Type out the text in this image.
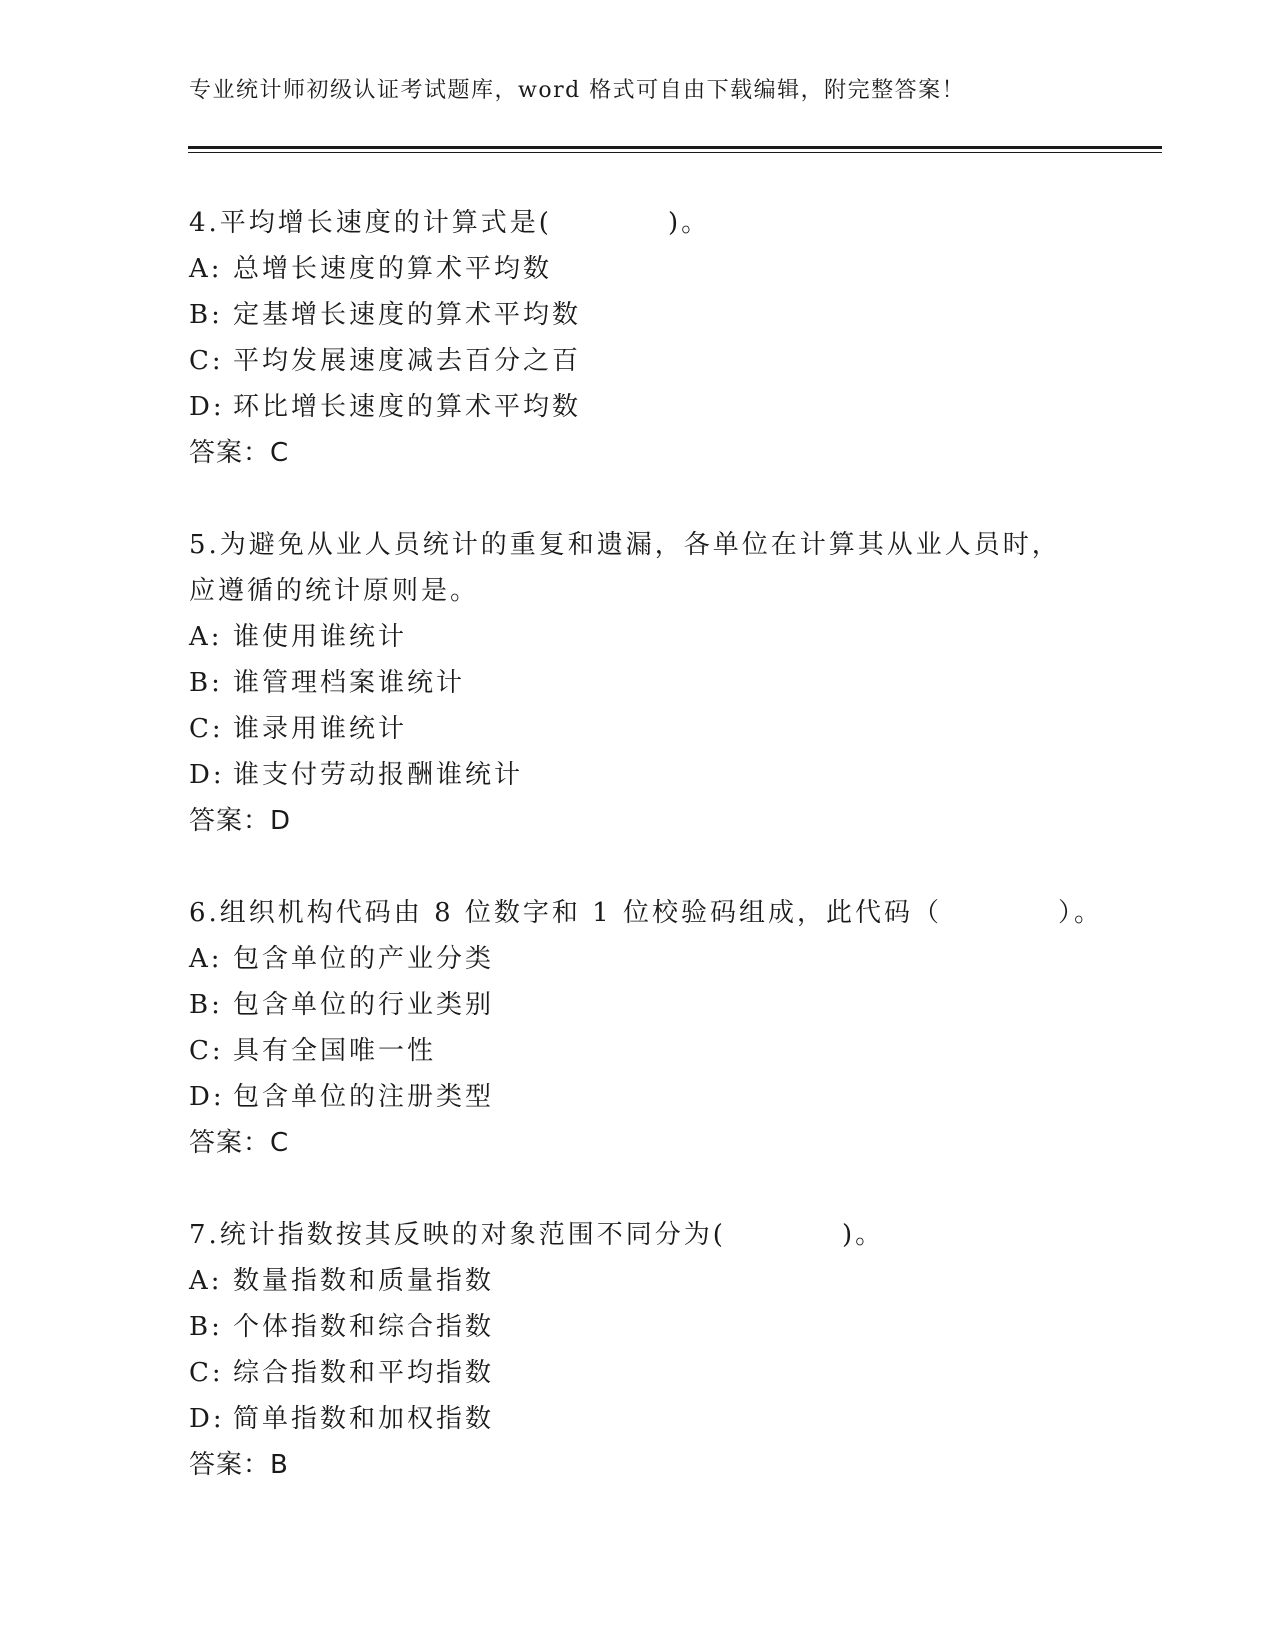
专业统计师初级认证考试题库，word 格式可自由下载编辑，附完整答案！
4.平均增长速度的计算式是(　　　　)。
A: 总增长速度的算术平均数
B: 定基增长速度的算术平均数
C: 平均发展速度减去百分之百
D: 环比增长速度的算术平均数
答案：C
5.为避免从业人员统计的重复和遗漏，各单位在计算其从业人员时，
应遵循的统计原则是。
A: 谁使用谁统计
B: 谁管理档案谁统计
C: 谁录用谁统计
D: 谁支付劳动报酬谁统计
答案：D
6.组织机构代码由 8 位数字和 1 位校验码组成，此代码（　　　　）。
A: 包含单位的产业分类
B: 包含单位的行业类别
C: 具有全国唯一性
D: 包含单位的注册类型
答案：C
7.统计指数按其反映的对象范围不同分为(　　　　)。
A: 数量指数和质量指数
B: 个体指数和综合指数
C: 综合指数和平均指数
D: 简单指数和加权指数
答案：B
